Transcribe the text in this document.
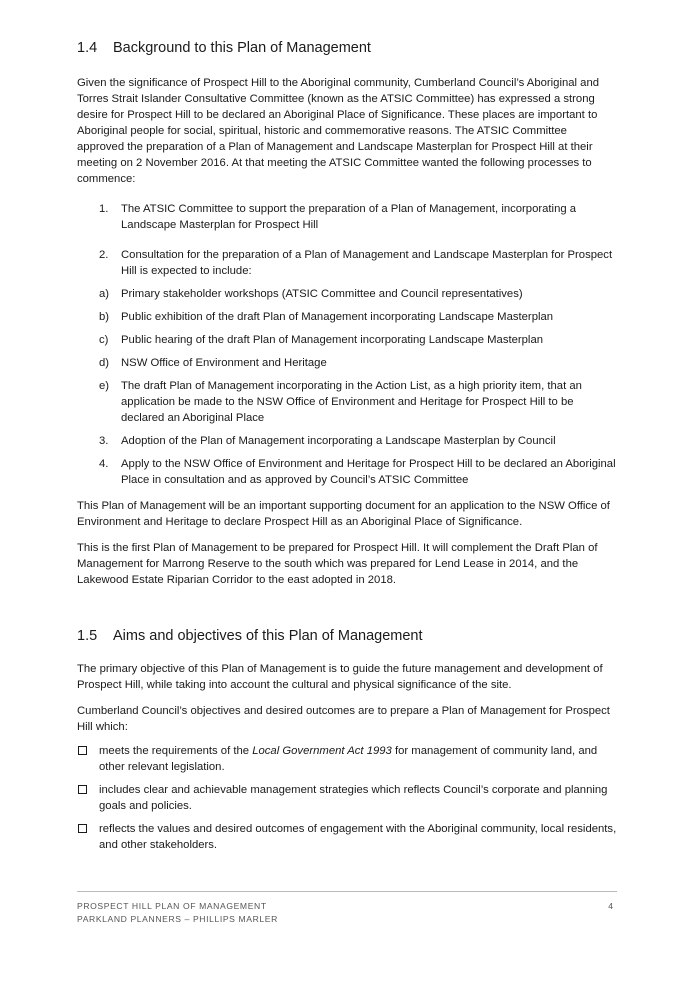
1.4	Background to this Plan of Management

Given the significance of Prospect Hill to the Aboriginal community, Cumberland Council’s Aboriginal and Torres Strait Islander Consultative Committee (known as the ATSIC Committee) has expressed a strong desire for Prospect Hill to be declared an Aboriginal Place of Significance. These places are important to Aboriginal people for social, spiritual, historic and commemorative reasons. The ATSIC Committee approved the preparation of a Plan of Management and Landscape Masterplan for Prospect Hill at their meeting on 2 November 2016. At that meeting the ATSIC Committee wanted the following processes to commence:

1.	The ATSIC Committee to support the preparation of a Plan of Management, incorporating a Landscape Masterplan for Prospect Hill
2.	Consultation for the preparation of a Plan of Management and Landscape Masterplan for Prospect Hill is expected to include:
a)	Primary stakeholder workshops (ATSIC Committee and Council representatives)
b)	Public exhibition of the draft Plan of Management incorporating Landscape Masterplan
c)	Public hearing of the draft Plan of Management incorporating Landscape Masterplan
d)	NSW Office of Environment and Heritage
e)	The draft Plan of Management incorporating in the Action List, as a high priority item, that an application be made to the NSW Office of Environment and Heritage for Prospect Hill to be declared an Aboriginal Place
3.	Adoption of the Plan of Management incorporating a Landscape Masterplan by Council
4.	Apply to the NSW Office of Environment and Heritage for Prospect Hill to be declared an Aboriginal Place in consultation and as approved by Council’s ATSIC Committee

This Plan of Management will be an important supporting document for an application to the NSW Office of Environment and Heritage to declare Prospect Hill as an Aboriginal Place of Significance.

This is the first Plan of Management to be prepared for Prospect Hill. It will complement the Draft Plan of Management for Marrong Reserve to the south which was prepared for Lend Lease in 2014, and the Lakewood Estate Riparian Corridor to the east adopted in 2018.

1.5	Aims and objectives of this Plan of Management

The primary objective of this Plan of Management is to guide the future management and development of Prospect Hill, while taking into account the cultural and physical significance of the site.

Cumberland Council’s objectives and desired outcomes are to prepare a Plan of Management for Prospect Hill which:

meets the requirements of the Local Government Act 1993 for management of community land, and other relevant legislation.
includes clear and achievable management strategies which reflects Council’s corporate and planning goals and policies.
reflects the values and desired outcomes of engagement with the Aboriginal community, local residents, and other stakeholders.
PROSPECT HILL PLAN OF MANAGEMENT
PARKLAND PLANNERS – PHILLIPS MARLER
4
